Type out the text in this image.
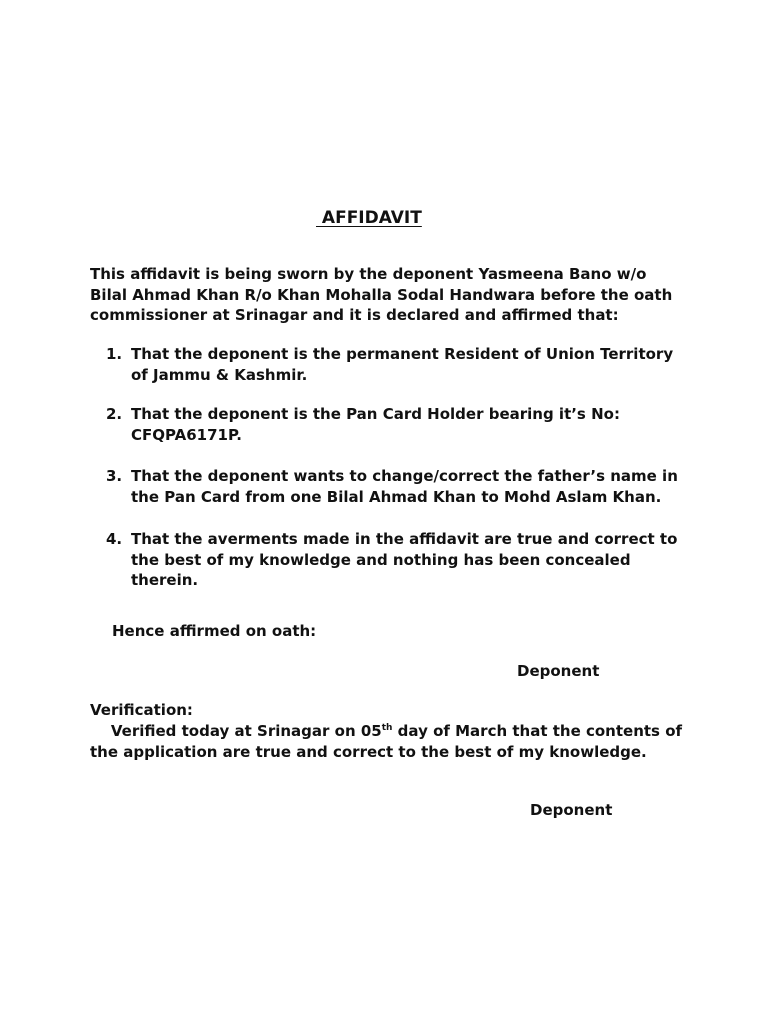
AFFIDAVIT
This affidavit is being sworn by the deponent Yasmeena Bano w/o
Bilal Ahmad Khan R/o Khan Mohalla Sodal Handwara before the oath
commissioner at Srinagar and it is declared and affirmed that:
1. That the deponent is the permanent Resident of Union Territory
of Jammu & Kashmir.
2. That the deponent is the Pan Card Holder bearing it’s No:
CFQPA6171P.
3. That the deponent wants to change/correct the father’s name in
the Pan Card from one Bilal Ahmad Khan to Mohd Aslam Khan.
4. That the averments made in the affidavit are true and correct to
the best of my knowledge and nothing has been concealed
therein.
Hence affirmed on oath:
Deponent
Verification:
Verified today at Srinagar on 05th day of March that the contents of the application are true and correct to the best of my knowledge.
Deponent
